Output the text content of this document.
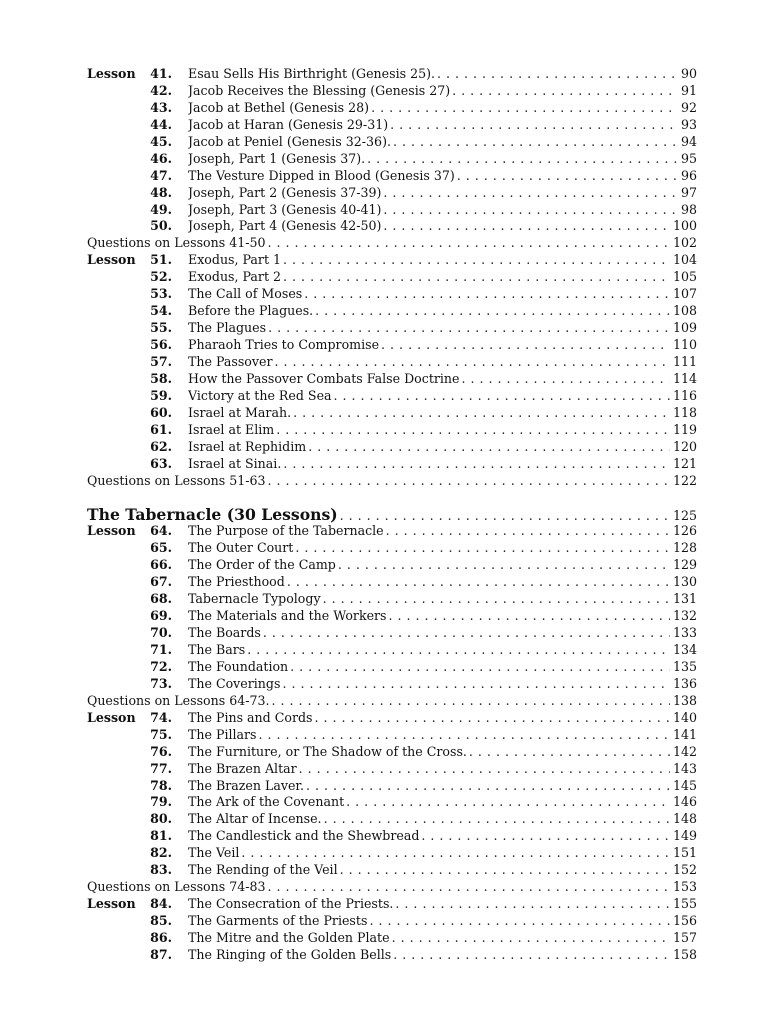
Lesson 41. Esau Sells His Birthright (Genesis 25). . . .	90
42. Jacob Receives the Blessing (Genesis 27) . . .	91
43. Jacob at Bethel (Genesis 28) . . .	92
44. Jacob at Haran (Genesis 29-31) . . .	93
45. Jacob at Peniel (Genesis 32-36). . . .	94
46. Joseph, Part 1 (Genesis 37). . . .	95
47. The Vesture Dipped in Blood (Genesis 37) . . .	96
48. Joseph, Part 2 (Genesis 37-39) . . .	97
49. Joseph, Part 3 (Genesis 40-41) . . .	98
50. Joseph, Part 4 (Genesis 42-50) . . .	100
Questions on Lessons 41-50 . . .	102
Lesson 51. Exodus, Part 1 . . .	104
52. Exodus, Part 2 . . .	105
53. The Call of Moses . . .	107
54. Before the Plagues. . . .	108
55. The Plagues . . .	109
56. Pharaoh Tries to Compromise . . .	110
57. The Passover . . .	111
58. How the Passover Combats False Doctrine . . .	114
59. Victory at the Red Sea . . .	116
60. Israel at Marah. . . .	118
61. Israel at Elim . . .	119
62. Israel at Rephidim . . .	120
63. Israel at Sinai. . . .	121
Questions on Lessons 51-63 . . .	122
The Tabernacle (30 Lessons) . . .	125
Lesson 64. The Purpose of the Tabernacle . . .	126
65. The Outer Court . . .	128
66. The Order of the Camp . . .	129
67. The Priesthood . . .	130
68. Tabernacle Typology . . .	131
69. The Materials and the Workers . . .	132
70. The Boards . . .	133
71. The Bars . . .	134
72. The Foundation . . .	135
73. The Coverings . . .	136
Questions on Lessons 64-73. . . .	138
Lesson 74. The Pins and Cords . . .	140
75. The Pillars . . .	141
76. The Furniture, or The Shadow of the Cross. . . .	142
77. The Brazen Altar . . .	143
78. The Brazen Laver. . . .	145
79. The Ark of the Covenant . . .	146
80. The Altar of Incense. . . .	148
81. The Candlestick and the Shewbread . . .	149
82. The Veil . . .	151
83. The Rending of the Veil . . .	152
Questions on Lessons 74-83 . . .	153
Lesson 84. The Consecration of the Priests. . . .	155
85. The Garments of the Priests . . .	156
86. The Mitre and the Golden Plate . . .	157
87. The Ringing of the Golden Bells . . .	158
